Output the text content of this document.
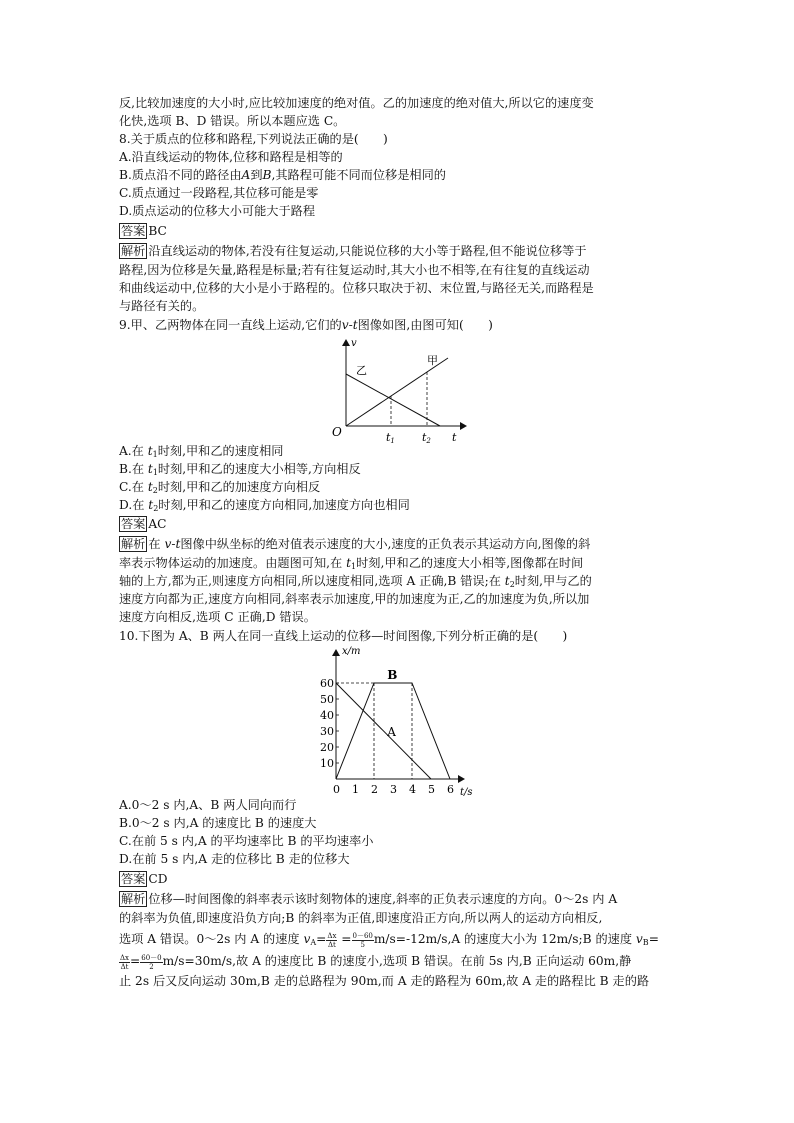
反,比较加速度的大小时,应比较加速度的绝对值。乙的加速度的绝对值大,所以它的速度变
化快,选项 B、D 错误。所以本题应选 C。
8.关于质点的位移和路程,下列说法正确的是(　　)
A.沿直线运动的物体,位移和路程是相等的
B.质点沿不同的路径由A到B,其路程可能不同而位移是相同的
C.质点通过一段路程,其位移可能是零
D.质点运动的位移大小可能大于路程
答案 BC
解析 沿直线运动的物体,若没有往复运动,只能说位移的大小等于路程,但不能说位移等于
路程,因为位移是矢量,路程是标量;若有往复运动时,其大小也不相等,在有往复的直线运动
和曲线运动中,位移的大小是小于路程的。位移只取决于初、末位置,与路径无关,而路程是
与路径有关的。
9.甲、乙两物体在同一直线上运动,它们的v-t图像如图,由图可知(　　)
v
t
O
甲
乙
t1 t2
A.在 $t_1$时刻,甲和乙的速度相同
B.在 $t_1$时刻,甲和乙的速度大小相等,方向相反
C.在 $t_2$时刻,甲和乙的加速度方向相反
D.在 $t_2$时刻,甲和乙的速度方向相同,加速度方向也相同
答案 AC
解析 在 v-t图像中纵坐标的绝对值表示速度的大小,速度的正负表示其运动方向,图像的斜
率表示物体运动的加速度。由题图可知,在 $t_1$时刻,甲和乙的速度大小相等,图像都在时间
轴的上方,都为正,则速度方向相同,所以速度相同,选项 A 正确,B 错误;在 $t_2$时刻,甲与乙的
速度方向都为正,速度方向相同,斜率表示加速度,甲的加速度为正,乙的加速度为负,所以加
速度方向相反,选项 C 正确,D 错误。
10.下图为 A、B 两人在同一直线上运动的位移—时间图像,下列分析正确的是(　　)
0 1 2 3 4 5 6
10
20
30
40
50
60
B
A
x/m
t/s
A.0～2 s 内,A、B 两人同向而行
B.0～2 s 内,A 的速度比 B 的速度大
C.在前 5 s 内,A 的平均速率比 B 的平均速率小
D.在前 5 s 内,A 走的位移比 B 走的位移大
答案 CD
解析 位移—时间图像的斜率表示该时刻物体的速度,斜率的正负表示速度的方向。0～2s 内 A
的斜率为负值,即速度沿负方向;B 的斜率为正值,即速度沿正方向,所以两人的运动方向相反,
选项 A 错误。0～2s 内 A 的速度 $v_A= \frac{\Delta x}{\Delta t} = \frac{0-60}{5} m/s=-12m/s,A$ 的速度大小为 12m/s;B 的速度 $v_B=$
$\frac{\Delta x}{\Delta t} = \frac{60-0}{2} m/s=30m/s$,故 A 的速度比 B 的速度小,选项 B 错误。在前 5s 内,B 正向运动 60m,静
止 2s 后又反向运动 30m,B 走的总路程为 90m,而 A 走的路程为 60m,故 A 走的路程比 B 走的路
